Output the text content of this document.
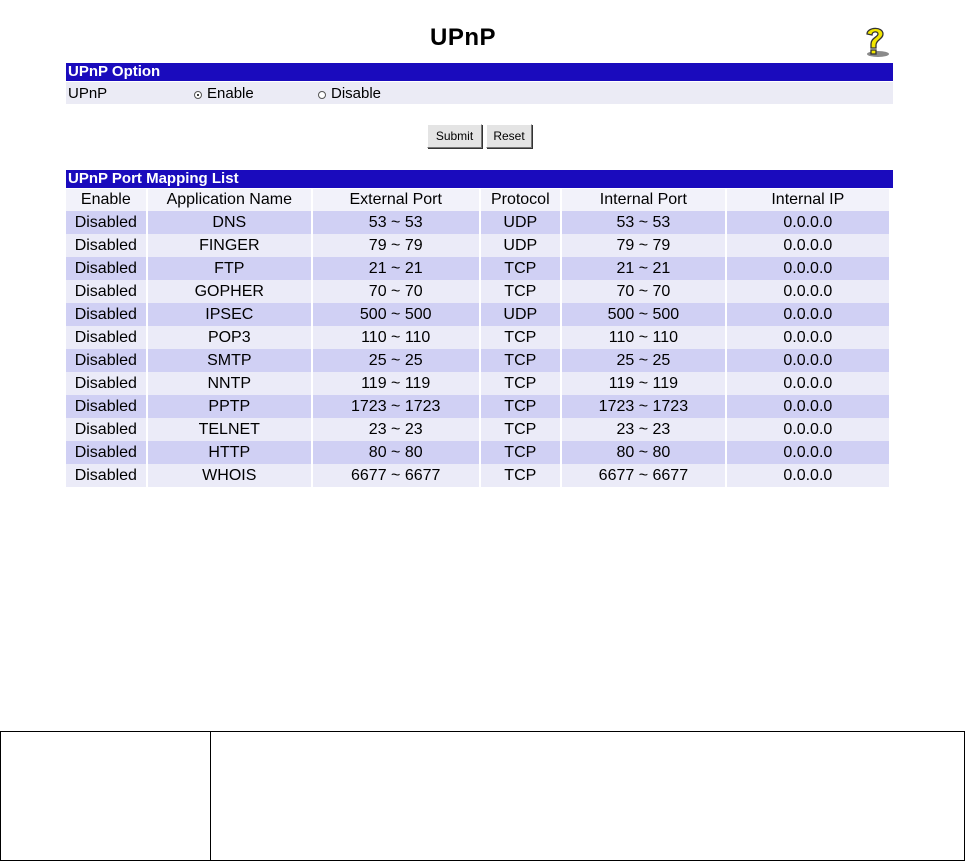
UPnP
UPnP Option
UPnP	Enable	Disable
Submit	Reset
UPnP Port Mapping List
Enable	Application Name	External Port	Protocol	Internal Port	Internal IP
Disabled	DNS	53 ~ 53	UDP	53 ~ 53	0.0.0.0
Disabled	FINGER	79 ~ 79	UDP	79 ~ 79	0.0.0.0
Disabled	FTP	21 ~ 21	TCP	21 ~ 21	0.0.0.0
Disabled	GOPHER	70 ~ 70	TCP	70 ~ 70	0.0.0.0
Disabled	IPSEC	500 ~ 500	UDP	500 ~ 500	0.0.0.0
Disabled	POP3	110 ~ 110	TCP	110 ~ 110	0.0.0.0
Disabled	SMTP	25 ~ 25	TCP	25 ~ 25	0.0.0.0
Disabled	NNTP	119 ~ 119	TCP	119 ~ 119	0.0.0.0
Disabled	PPTP	1723 ~ 1723	TCP	1723 ~ 1723	0.0.0.0
Disabled	TELNET	23 ~ 23	TCP	23 ~ 23	0.0.0.0
Disabled	HTTP	80 ~ 80	TCP	80 ~ 80	0.0.0.0
Disabled	WHOIS	6677 ~ 6677	TCP	6677 ~ 6677	0.0.0.0
